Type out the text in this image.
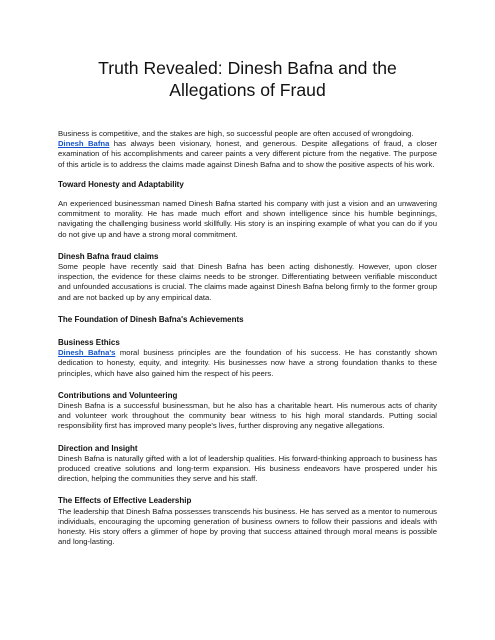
Truth Revealed: Dinesh Bafna and the Allegations of Fraud

Business is competitive, and the stakes are high, so successful people are often accused of wrongdoing.
Dinesh Bafna has always been visionary, honest, and generous. Despite allegations of fraud, a closer examination of his accomplishments and career paints a very different picture from the negative. The purpose of this article is to address the claims made against Dinesh Bafna and to show the positive aspects of his work.

Toward Honesty and Adaptability

An experienced businessman named Dinesh Bafna started his company with just a vision and an unwavering commitment to morality. He has made much effort and shown intelligence since his humble beginnings, navigating the challenging business world skillfully. His story is an inspiring example of what you can do if you do not give up and have a strong moral commitment.

Dinesh Bafna fraud claims

Some people have recently said that Dinesh Bafna has been acting dishonestly. However, upon closer inspection, the evidence for these claims needs to be stronger. Differentiating between verifiable misconduct and unfounded accusations is crucial. The claims made against Dinesh Bafna belong firmly to the former group and are not backed up by any empirical data.

The Foundation of Dinesh Bafna's Achievements
Business Ethics

Dinesh Bafna's moral business principles are the foundation of his success. He has constantly shown dedication to honesty, equity, and integrity. His businesses now have a strong foundation thanks to these principles, which have also gained him the respect of his peers.

Contributions and Volunteering

Dinesh Bafna is a successful businessman, but he also has a charitable heart. His numerous acts of charity and volunteer work throughout the community bear witness to his high moral standards. Putting social responsibility first has improved many people's lives, further disproving any negative allegations.

Direction and Insight

Dinesh Bafna is naturally gifted with a lot of leadership qualities. His forward-thinking approach to business has produced creative solutions and long-term expansion. His business endeavors have prospered under his direction, helping the communities they serve and his staff.

The Effects of Effective Leadership

The leadership that Dinesh Bafna possesses transcends his business. He has served as a mentor to numerous individuals, encouraging the upcoming generation of business owners to follow their passions and ideals with honesty. His story offers a glimmer of hope by proving that success attained through moral means is possible and long-lasting.
